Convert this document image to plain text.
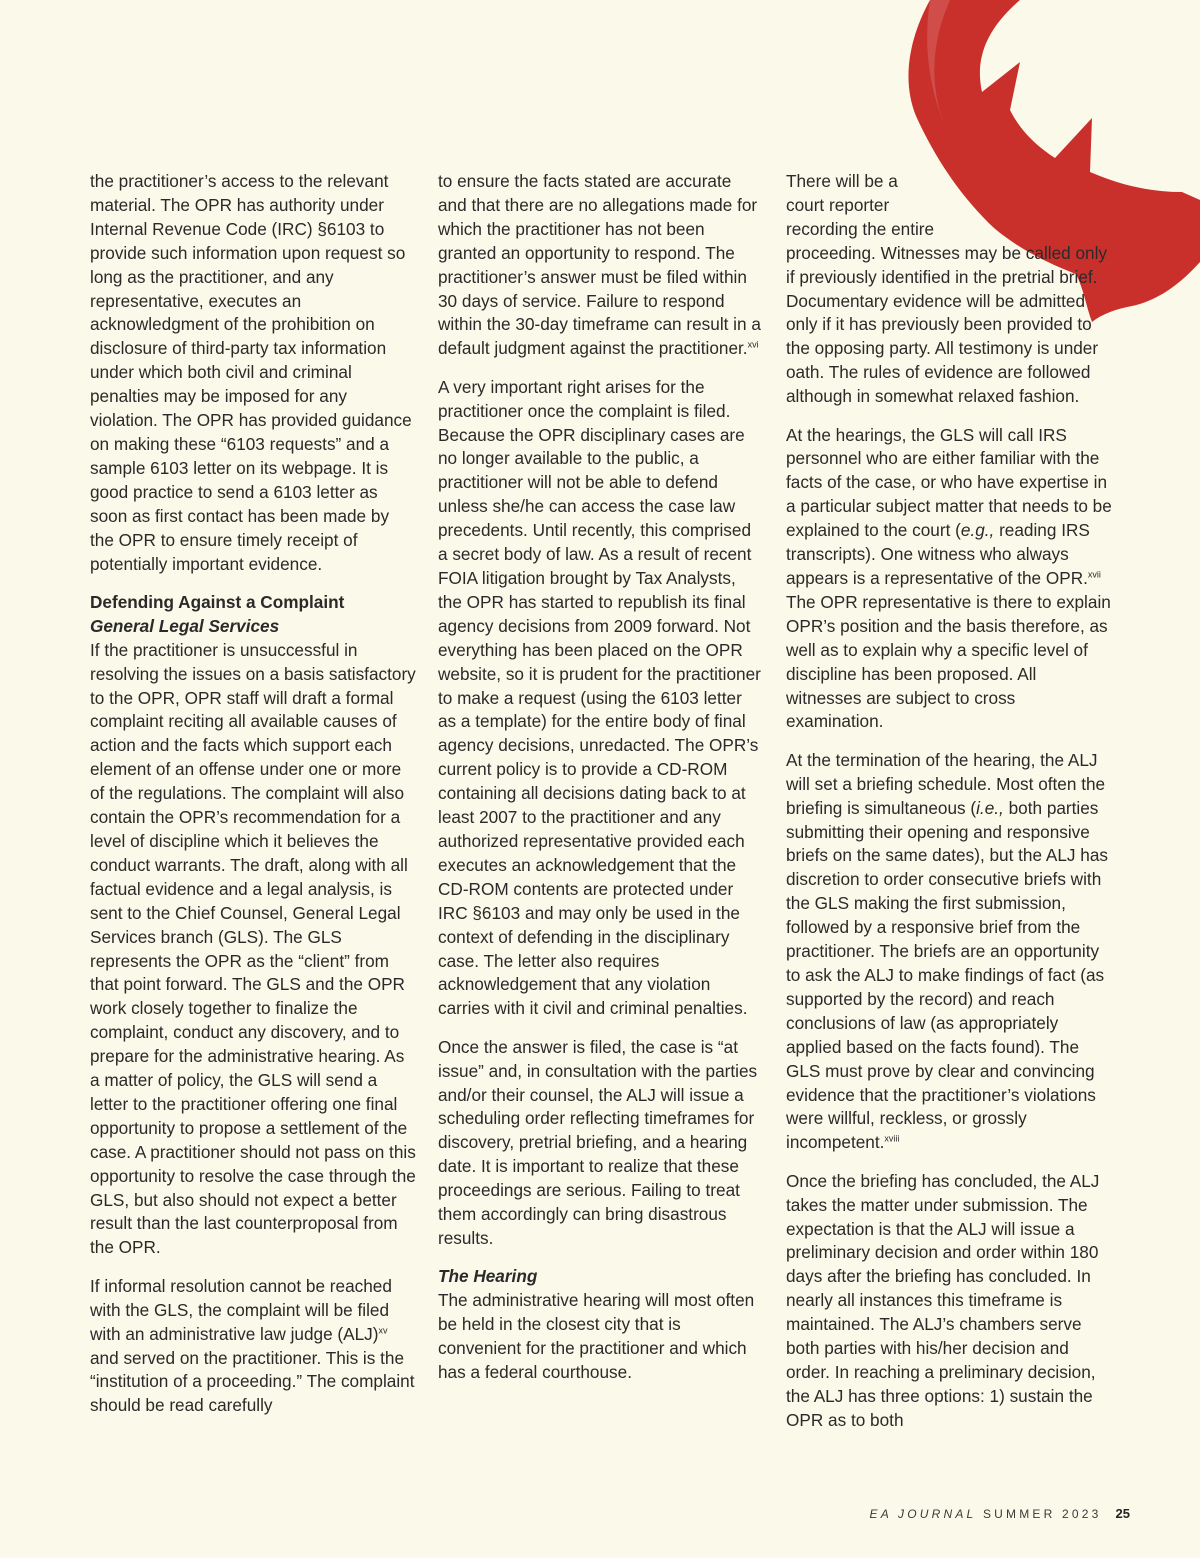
the practitioner’s access to the relevant material. The OPR has authority under Internal Revenue Code (IRC) §6103 to provide such information upon request so long as the practitioner, and any representative, executes an acknowledgment of the prohibition on disclosure of third-party tax information under which both civil and criminal penalties may be imposed for any violation. The OPR has provided guidance on making these “6103 requests” and a sample 6103 letter on its webpage. It is good practice to send a 6103 letter as soon as first contact has been made by the OPR to ensure timely receipt of potentially important evidence.

Defending Against a Complaint
General Legal Services

If the practitioner is unsuccessful in resolving the issues on a basis satisfactory to the OPR, OPR staff will draft a formal complaint reciting all available causes of action and the facts which support each element of an offense under one or more of the regulations. The complaint will also contain the OPR’s recommendation for a level of discipline which it believes the conduct warrants. The draft, along with all factual evidence and a legal analysis, is sent to the Chief Counsel, General Legal Services branch (GLS). The GLS represents the OPR as the “client” from that point forward. The GLS and the OPR work closely together to finalize the complaint, conduct any discovery, and to prepare for the administrative hearing. As a matter of policy, the GLS will send a letter to the practitioner offering one final opportunity to propose a settlement of the case. A practitioner should not pass on this opportunity to resolve the case through the GLS, but also should not expect a better result than the last counterproposal from the OPR.

If informal resolution cannot be reached with the GLS, the complaint will be filed with an administrative law judge (ALJ)$^{xv}$ and served on the practitioner. This is the “institution of a proceeding.” The complaint should be read carefully

to ensure the facts stated are accurate and that there are no allegations made for which the practitioner has not been granted an opportunity to respond. The practitioner’s answer must be filed within 30 days of service. Failure to respond within the 30-day timeframe can result in a default judgment against the practitioner.$^{xvi}$

A very important right arises for the practitioner once the complaint is filed. Because the OPR disciplinary cases are no longer available to the public, a practitioner will not be able to defend unless she/he can access the case law precedents. Until recently, this comprised a secret body of law. As a result of recent FOIA litigation brought by Tax Analysts, the OPR has started to republish its final agency decisions from 2009 forward. Not everything has been placed on the OPR website, so it is prudent for the practitioner to make a request (using the 6103 letter as a template) for the entire body of final agency decisions, unredacted. The OPR’s current policy is to provide a CD-ROM containing all decisions dating back to at least 2007 to the practitioner and any authorized representative provided each executes an acknowledgement that the CD-ROM contents are protected under IRC §6103 and may only be used in the context of defending in the disciplinary case. The letter also requires acknowledgement that any violation carries with it civil and criminal penalties.

Once the answer is filed, the case is “at issue” and, in consultation with the parties and/or their counsel, the ALJ will issue a scheduling order reflecting timeframes for discovery, pretrial briefing, and a hearing date. It is important to realize that these proceedings are serious. Failing to treat them accordingly can bring disastrous results.

The Hearing

The administrative hearing will most often be held in the closest city that is convenient for the practitioner and which has a federal courthouse.

There will be a
court reporter
recording the entire
proceeding. Witnesses may be called only if previously identified in the pretrial brief. Documentary evidence will be admitted only if it has previously been provided to the opposing party. All testimony is under oath. The rules of evidence are followed although in somewhat relaxed fashion.

At the hearings, the GLS will call IRS personnel who are either familiar with the facts of the case, or who have expertise in a particular subject matter that needs to be explained to the court (e.g., reading IRS transcripts). One witness who always appears is a representative of the OPR.$^{xvii}$ The OPR representative is there to explain OPR’s position and the basis therefore, as well as to explain why a specific level of discipline has been proposed. All witnesses are subject to cross examination.

At the termination of the hearing, the ALJ will set a briefing schedule. Most often the briefing is simultaneous (i.e., both parties submitting their opening and responsive briefs on the same dates), but the ALJ has discretion to order consecutive briefs with the GLS making the first submission, followed by a responsive brief from the practitioner. The briefs are an opportunity to ask the ALJ to make findings of fact (as supported by the record) and reach conclusions of law (as appropriately applied based on the facts found). The GLS must prove by clear and convincing evidence that the practitioner’s violations were willful, reckless, or grossly incompetent.$^{xviii}$

Once the briefing has concluded, the ALJ takes the matter under submission. The expectation is that the ALJ will issue a preliminary decision and order within 180 days after the briefing has concluded. In nearly all instances this timeframe is maintained. The ALJ’s chambers serve both parties with his/her decision and order. In reaching a preliminary decision, the ALJ has three options: 1) sustain the OPR as to both

EA JOURNAL SUMMER 2023 25
